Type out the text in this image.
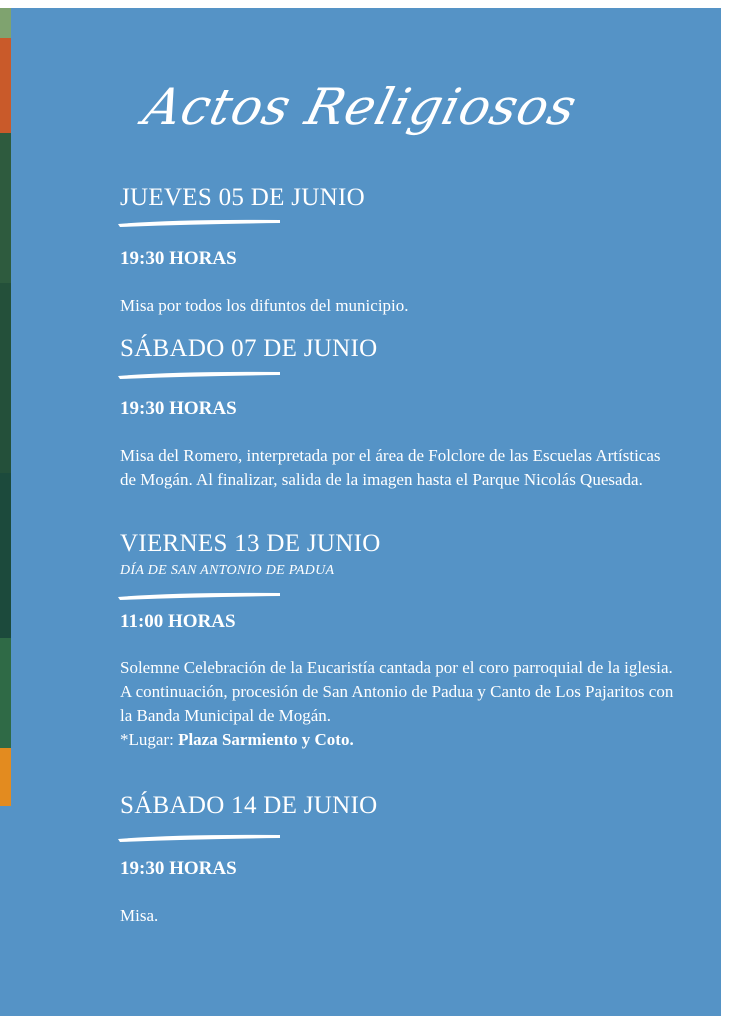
Actos Religiosos
JUEVES 05 DE JUNIO
19:30 HORAS
Misa por todos los difuntos del municipio.
SÁBADO 07 DE JUNIO
19:30 HORAS
Misa del Romero, interpretada por el área de Folclore de las Escuelas Artísticas de Mogán. Al finalizar, salida de la imagen hasta el Parque Nicolás Quesada.
VIERNES 13 DE JUNIO
DÍA DE SAN ANTONIO DE PADUA
11:00 HORAS
Solemne Celebración de la Eucaristía cantada por el coro parroquial de la iglesia. A continuación, procesión de San Antonio de Padua y Canto de Los Pajaritos con la Banda Municipal de Mogán.
*Lugar: Plaza Sarmiento y Coto.
SÁBADO 14 DE JUNIO
19:30 HORAS
Misa.
